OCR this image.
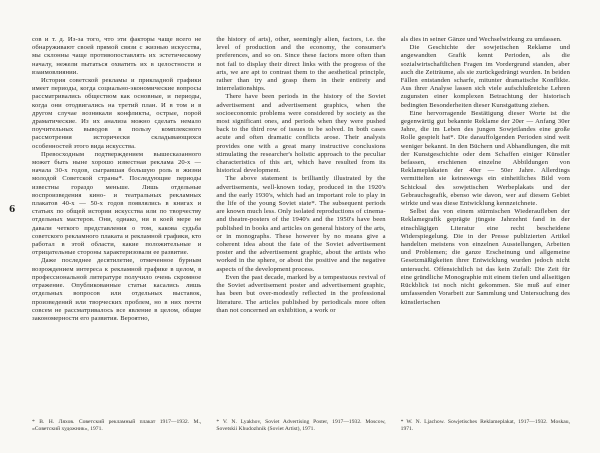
6

сов и т. д. Из-за того, что эти факторы чаще всего не обнаруживают своей прямой связи с жизнью искусства, мы склонны чаще противопоставлять их эстетическому началу, нежели пытаться охватить их в целостности и взаимовлиянии.

История советской рекламы и прикладной графики имеет периоды, когда социально-экономические вопросы рассматривались обществом как основные, и периоды, когда они отодвигались на третий план. И в том и в другом случае возникали конфликты, острые, порой драматические. Из их анализа можно сделать немало поучительных выводов в пользу комплексного рассмотрения исторически складывающихся особенностей этого вида искусства.

Превосходным подтверждением вышесказанного может быть ныне хорошо известная реклама 20-х — начала 30-х годов, сыгравшая большую роль в жизни молодой Советской страны*. Последующие периоды известны гораздо меньше. Лишь отдельные воспроизведения кино- и театральных рекламных плакатов 40-х — 50-х годов появлялись в книгах и статьях по общей истории искусства или по творчеству отдельных мастеров. Они, однако, ни в коей мере не давали четкого представления о том, какова судьба советского рекламного плаката и рекламной графики, кто работал в этой области, какие положительные и отрицательные стороны характеризовали ее развитие.

Даже последнее десятилетие, отмеченное бурным возрождением интереса к рекламной графике в целом, в профессиональной литературе получило очень скромное отражение. Опубликованные статьи касались лишь отдельных вопросов или отдельных выставок, произведений или творческих проблем, но в них почти совсем не рассматривалось все явление в целом, общие закономерности его развития. Вероятно,

* В. Н. Ляхов. Советский рекламный плакат 1917—1932. М., «Советский художник», 1971.

the history of arts), other, seemingly alien, factors, i.e. the level of production and the economy, the consumer's preferences, and so on. Since these factors more often than not fail to display their direct links with the progress of the arts, we are apt to contrast them to the aesthetical principle, rather than try and grasp them in their entirety and interrelationships.

There have been periods in the history of the Soviet advertisement and advertisement graphics, when the socioeconomic problems were considered by society as the most significant ones, and periods when they were pushed back to the third row of issues to be solved. In both cases acute and often dramatic conflicts arose. Their analysis provides one with a great many instructive conclusions stimulating the researcher's holistic approach to the peculiar characteristics of this art, which have resulted from its historical development.

The above statement is brilliantly illustrated by the advertisements, well-known today, produced in the 1920's and the early 1930's, which had an important role to play in the life of the young Soviet state*. The subsequent periods are known much less. Only isolated reproductions of cinema- and theatre-posters of the 1940's and the 1950's have been published in books and articles on general history of the arts, or in monographs. These however by no means give a coherent idea about the fate of the Soviet advertisement poster and the advertisement graphic, about the artists who worked in the sphere, or about the positive and the negative aspects of the development process.

Even the past decade, marked by a tempestuous revival of the Soviet advertisement poster and advertisement graphic, has been but over-modestly reflected in the professional literature. The articles published by periodicals more often than not concerned an exhibition, a work or

* V. N. Lyakhov, Soviet Advertising Poster, 1917—1932. Moscow, Sovetskii Khudozhnik (Soviet Artist), 1971.

als dies in seiner Gänze und Wechselwirkung zu umfassen.

Die Geschichte der sowjetischen Reklame und angewandten Grafik kennt Perioden, als die sozialwirtschaftlichen Fragen im Vordergrund standen, aber auch die Zeiträume, als sie zurückgedrängt wurden. In beiden Fällen entstanden scharfe, mitunter dramatische Konflikte. Aus ihrer Analyse lassen sich viele aufschlußreiche Lehren zugunsten einer komplexen Betrachtung der historisch bedingten Besonderheiten dieser Kunstgattung ziehen.

Eine hervorragende Bestätigung dieser Worte ist die gegenwärtig gut bekannte Reklame der 20er — Anfang 30er Jahre, die im Leben des jungen Sowjetlandes eine große Rolle gespielt hat*. Die darauffolgenden Perioden sind weit weniger bekannt. In den Büchern und Abhandlungen, die mit der Kunstgeschichte oder dem Schaffen einiger Künstler befassen, erschienen einzelne Abbildungen von Reklameplakaten der 40er — 50er Jahre. Allerdings vermittelten sie keineswegs ein einheitliches Bild vom Schicksal des sowjetischen Werbeplakats und der Gebrauchsgrafik, ebenso wie davon, wer auf diesem Gebiet wirkte und was diese Entwicklung kennzeichnete.

Selbst das von einem stürmischen Wiederaufleben der Reklamegrafik geprägte jüngste Jahrzehnt fand in der einschlägigen Literatur eine recht bescheidene Widerspiegelung. Die in der Presse publizierten Artikel handelten meistens von einzelnen Ausstellungen, Arbeiten und Problemen; die ganze Erscheinung und allgemeine Gesetzmäßigkeiten ihrer Entwicklung wurden jedoch nicht untersucht. Offensichtlich ist das kein Zufall: Die Zeit für eine gründliche Monographie mit einem tiefen und allseitigen Rückblick ist noch nicht gekommen. Sie muß auf einer umfassenden Vorarbeit zur Sammlung und Untersuchung des künstlerischen

* W. N. Ljachow. Sowjetisches Reklameplakat, 1917—1932. Moskau, 1971.
